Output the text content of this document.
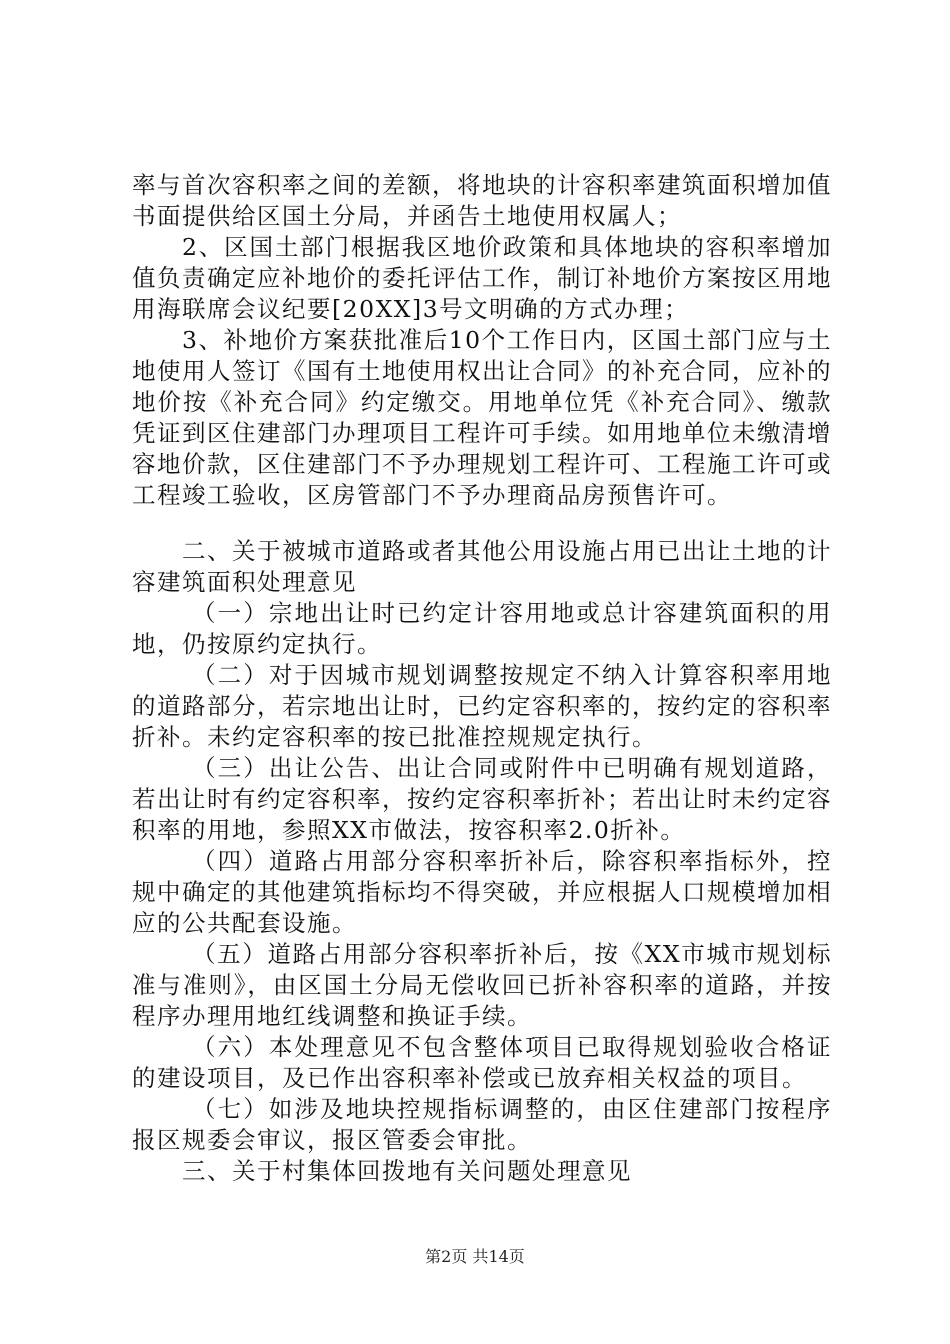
率与首次容积率之间的差额，将地块的计容积率建筑面积增加值书面提供给区国土分局，并函告土地使用权属人；

2、区国土部门根据我区地价政策和具体地块的容积率增加值负责确定应补地价的委托评估工作，制订补地价方案按区用地用海联席会议纪要[20XX]3号文明确的方式办理；

3、补地价方案获批准后10个工作日内，区国土部门应与土地使用人签订《国有土地使用权出让合同》的补充合同，应补的地价按《补充合同》约定缴交。用地单位凭《补充合同》、缴款凭证到区住建部门办理项目工程许可手续。如用地单位未缴清增容地价款，区住建部门不予办理规划工程许可、工程施工许可或工程竣工验收，区房管部门不予办理商品房预售许可。

二、关于被城市道路或者其他公用设施占用已出让土地的计容建筑面积处理意见

（一）宗地出让时已约定计容用地或总计容建筑面积的用地，仍按原约定执行。

（二）对于因城市规划调整按规定不纳入计算容积率用地的道路部分，若宗地出让时，已约定容积率的，按约定的容积率折补。未约定容积率的按已批准控规规定执行。

（三）出让公告、出让合同或附件中已明确有规划道路，若出让时有约定容积率，按约定容积率折补；若出让时未约定容积率的用地，参照XX市做法，按容积率2.0折补。

（四）道路占用部分容积率折补后，除容积率指标外，控规中确定的其他建筑指标均不得突破，并应根据人口规模增加相应的公共配套设施。

（五）道路占用部分容积率折补后，按《XX市城市规划标准与准则》，由区国土分局无偿收回已折补容积率的道路，并按程序办理用地红线调整和换证手续。

（六）本处理意见不包含整体项目已取得规划验收合格证的建设项目，及已作出容积率补偿或已放弃相关权益的项目。

（七）如涉及地块控规指标调整的，由区住建部门按程序报区规委会审议，报区管委会审批。

三、关于村集体回拨地有关问题处理意见

第2页 共14页
